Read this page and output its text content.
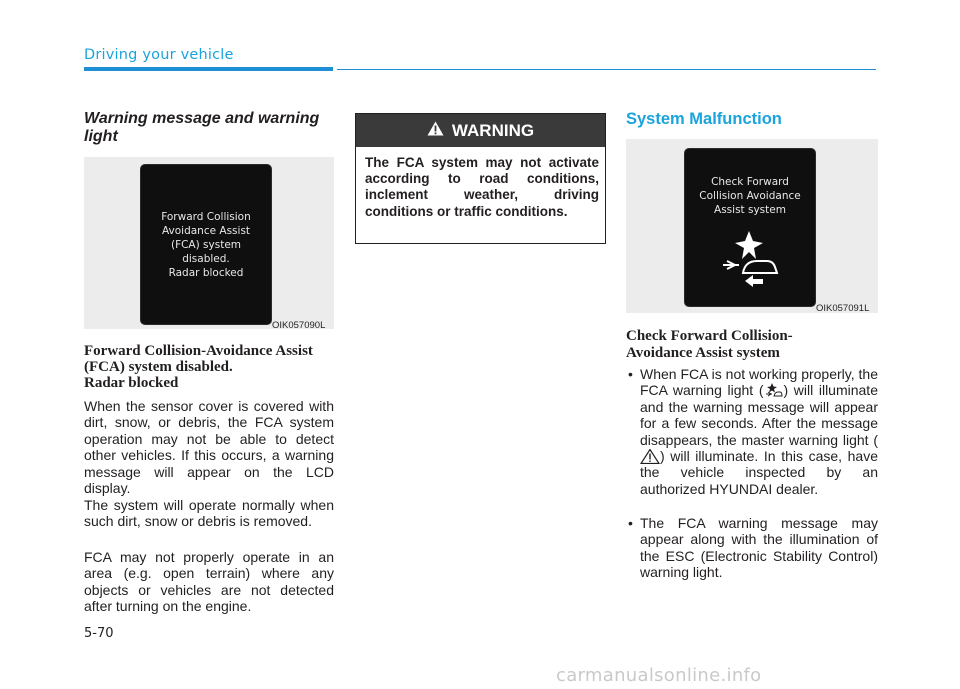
Driving your vehicle
Warning message and warning light
Forward Collision
Avoidance Assist
(FCA) system
disabled.
Radar blocked
OIK057090L
Forward Collision-Avoidance Assist
(FCA) system disabled.
Radar blocked
When the sensor cover is covered with dirt, snow, or debris, the FCA system operation may not be able to detect other vehicles. If this occurs, a warning message will appear on the LCD display.
The system will operate normally when such dirt, snow or debris is removed.
FCA may not properly operate in an area (e.g. open terrain) where any objects or vehicles are not detected after turning on the engine.
WARNING
The FCA system may not activate according to road conditions, inclement weather, driving conditions or traffic conditions.
System Malfunction
Check Forward
Collision Avoidance
Assist system
OIK057091L
Check Forward Collision-
Avoidance Assist system
• When FCA is not working properly, the FCA warning light ( ) will illuminate and the warning message will appear for a few seconds. After the message disappears, the master warning light () will illuminate. In this case, have the vehicle inspected by an authorized HYUNDAI dealer.
• The FCA warning message may appear along with the illumination of the ESC (Electronic Stability Control) warning light.
5-70
carmanualsonline.info
